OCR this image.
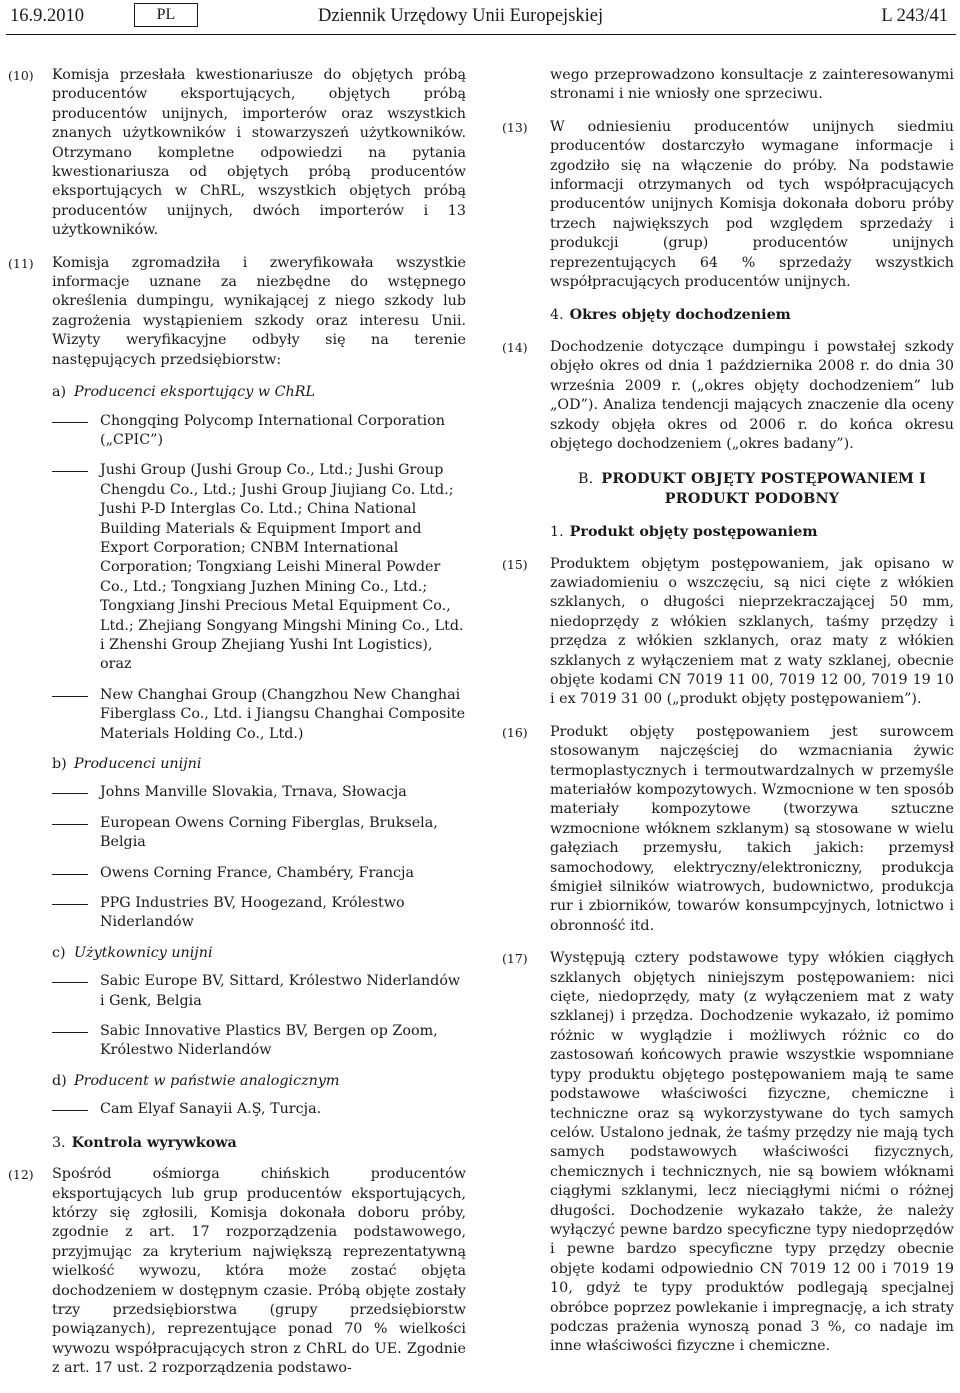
16.9.2010	PL	Dziennik Urzędowy Unii Europejskiej	L 243/41
(10) Komisja przesłała kwestionariusze do objętych próbą producentów eksportujących, objętych próbą producentów unijnych, importerów oraz wszystkich znanych użytkowników i stowarzyszeń użytkowników. Otrzymano kompletne odpowiedzi na pytania kwestionariusza od objętych próbą producentów eksportujących w ChRL, wszystkich objętych próbą producentów unijnych, dwóch importerów i 13 użytkowników.
(11) Komisja zgromadziła i zweryfikowała wszystkie informacje uznane za niezbędne do wstępnego określenia dumpingu, wynikającej z niego szkody lub zagrożenia wystąpieniem szkody oraz interesu Unii. Wizyty weryfikacyjne odbyły się na terenie następujących przedsiębiorstw:
a) Producenci eksportujący w ChRL
Chongqing Polycomp International Corporation („CPIC”)
Jushi Group (Jushi Group Co., Ltd.; Jushi Group Chengdu Co., Ltd.; Jushi Group Jiujiang Co. Ltd.; Jushi P-D Interglas Co. Ltd.; China National Building Materials & Equipment Import and Export Corporation; CNBM International Corporation; Tongxiang Leishi Mineral Powder Co., Ltd.; Tongxiang Juzhen Mining Co., Ltd.; Tongxiang Jinshi Precious Metal Equipment Co., Ltd.; Zhejiang Songyang Mingshi Mining Co., Ltd. i Zhenshi Group Zhejiang Yushi Int Logistics), oraz
New Changhai Group (Changzhou New Changhai Fiberglass Co., Ltd. i Jiangsu Changhai Composite Materials Holding Co., Ltd.)
b) Producenci unijni
Johns Manville Slovakia, Trnava, Słowacja
European Owens Corning Fiberglas, Bruksela, Belgia
Owens Corning France, Chambéry, Francja
PPG Industries BV, Hoogezand, Królestwo Niderlandów
c) Użytkownicy unijni
Sabic Europe BV, Sittard, Królestwo Niderlandów i Genk, Belgia
Sabic Innovative Plastics BV, Bergen op Zoom, Królestwo Niderlandów
d) Producent w państwie analogicznym
Cam Elyaf Sanayii A.Ş, Turcja.
3. Kontrola wyrywkowa
(12) Spośród ośmiorga chińskich producentów eksportujących lub grup producentów eksportujących, którzy się zgłosili, Komisja dokonała doboru próby, zgodnie z art. 17 rozporządzenia podstawowego, przyjmując za kryterium największą reprezentatywną wielkość wywozu, która może zostać objęta dochodzeniem w dostępnym czasie. Próbą objęte zostały trzy przedsiębiorstwa (grupy przedsiębiorstw powiązanych), reprezentujące ponad 70 % wielkości wywozu współpracujących stron z ChRL do UE. Zgodnie z art. 17 ust. 2 rozporządzenia podstawo-
wego przeprowadzono konsultacje z zainteresowanymi stronami i nie wniosły one sprzeciwu.
(13) W odniesieniu producentów unijnych siedmiu producentów dostarczyło wymagane informacje i zgodziło się na włączenie do próby. Na podstawie informacji otrzymanych od tych współpracujących producentów unijnych Komisja dokonała doboru próby trzech największych pod względem sprzedaży i produkcji (grup) producentów unijnych reprezentujących 64 % sprzedaży wszystkich współpracujących producentów unijnych.
4. Okres objęty dochodzeniem
(14) Dochodzenie dotyczące dumpingu i powstałej szkody objęło okres od dnia 1 października 2008 r. do dnia 30 września 2009 r. („okres objęty dochodzeniem” lub „OD”). Analiza tendencji mających znaczenie dla oceny szkody objęła okres od 2006 r. do końca okresu objętego dochodzeniem („okres badany”).
B. PRODUKT OBJĘTY POSTĘPOWANIEM I PRODUKT PODOBNY
1. Produkt objęty postępowaniem
(15) Produktem objętym postępowaniem, jak opisano w zawiadomieniu o wszczęciu, są nici cięte z włókien szklanych, o długości nieprzekraczającej 50 mm, niedoprzędy z włókien szklanych, taśmy przędzy i przędza z włókien szklanych, oraz maty z włókien szklanych z wyłączeniem mat z waty szklanej, obecnie objęte kodami CN 7019 11 00, 7019 12 00, 7019 19 10 i ex 7019 31 00 („produkt objęty postępowaniem”).
(16) Produkt objęty postępowaniem jest surowcem stosowanym najczęściej do wzmacniania żywic termoplastycznych i termoutwardzalnych w przemyśle materiałów kompozytowych. Wzmocnione w ten sposób materiały kompozytowe (tworzywa sztuczne wzmocnione włóknem szklanym) są stosowane w wielu gałęziach przemysłu, takich jakich: przemysł samochodowy, elektryczny/elektroniczny, produkcja śmigieł silników wiatrowych, budownictwo, produkcja rur i zbiorników, towarów konsumpcyjnych, lotnictwo i obronność itd.
(17) Występują cztery podstawowe typy włókien ciągłych szklanych objętych niniejszym postępowaniem: nici cięte, niedoprzędy, maty (z wyłączeniem mat z waty szklanej) i przędza. Dochodzenie wykazało, iż pomimo różnic w wyglądzie i możliwych różnic co do zastosowań końcowych prawie wszystkie wspomniane typy produktu objętego postępowaniem mają te same podstawowe właściwości fizyczne, chemiczne i techniczne oraz są wykorzystywane do tych samych celów. Ustalono jednak, że taśmy przędzy nie mają tych samych podstawowych właściwości fizycznych, chemicznych i technicznych, nie są bowiem włóknami ciągłymi szklanymi, lecz nieciągłymi nićmi o różnej długości. Dochodzenie wykazało także, że należy wyłączyć pewne bardzo specyficzne typy niedoprzędów i pewne bardzo specyficzne typy przędzy obecnie objęte kodami odpowiednio CN 7019 12 00 i 7019 19 10, gdyż te typy produktów podlegają specjalnej obróbce poprzez powlekanie i impregnację, a ich straty podczas prażenia wynoszą ponad 3 %, co nadaje im inne właściwości fizyczne i chemiczne.
